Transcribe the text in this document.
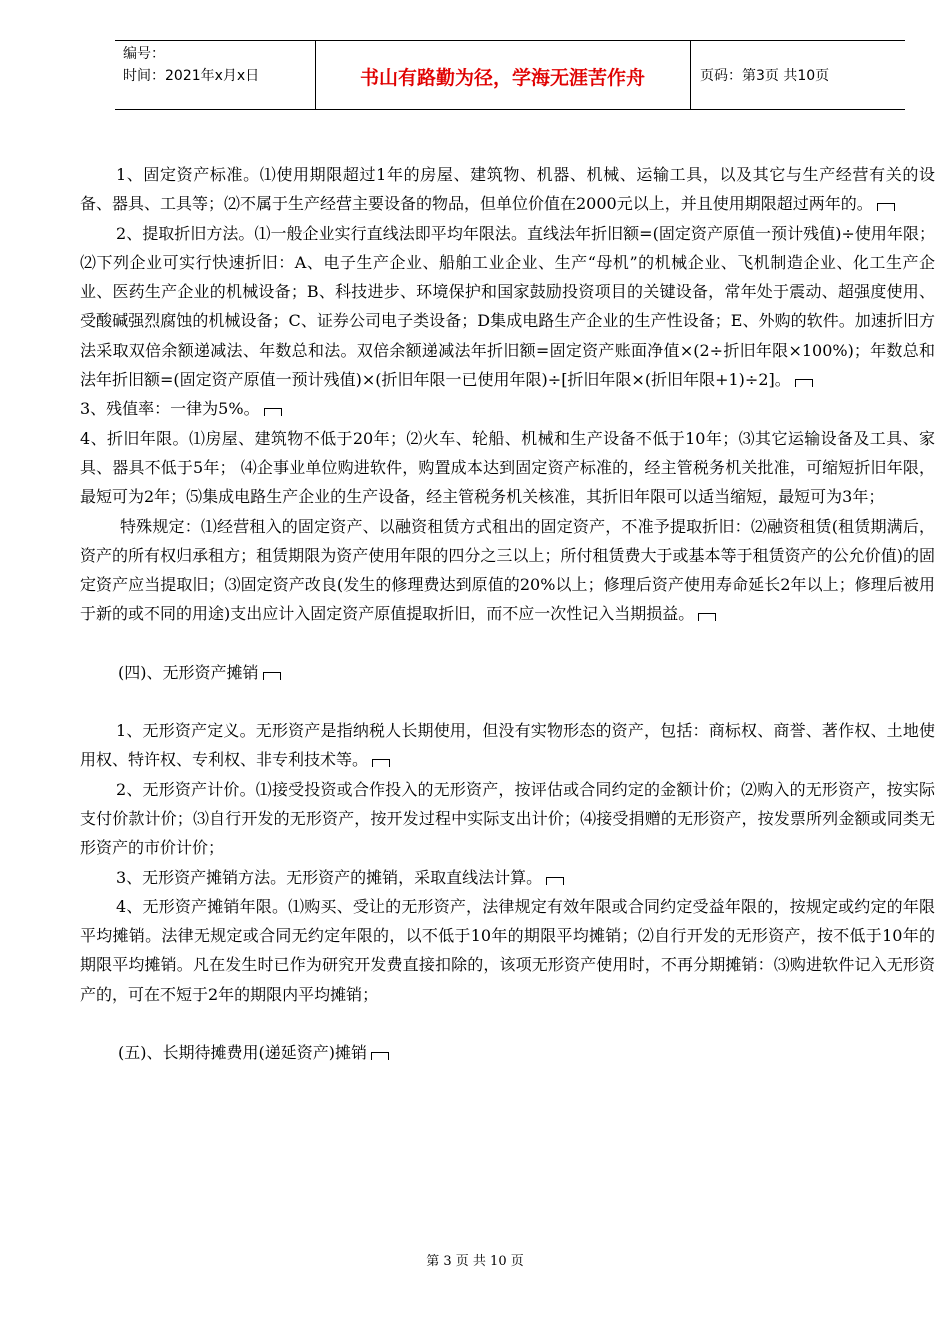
编号：
时间：2021年x月x日	书山有路勤为径，学海无涯苦作舟	页码：第3页 共10页

1、固定资产标准。⑴使用期限超过1年的房屋、建筑物、机器、机械、运输工具，以及其它与生产经营有关的设备、器具、工具等；⑵不属于生产经营主要设备的物品，但单位价值在2000元以上，并且使用期限超过两年的。

2、提取折旧方法。⑴一般企业实行直线法即平均年限法。直线法年折旧额=(固定资产原值一预计残值)÷使用年限；⑵下列企业可实行快速折旧：A、电子生产企业、船舶工业企业、生产“母机”的机械企业、飞机制造企业、化工生产企业、医药生产企业的机械设备；B、科技进步、环境保护和国家鼓励投资项目的关键设备，常年处于震动、超强度使用、受酸碱强烈腐蚀的机械设备；C、证券公司电子类设备；D集成电路生产企业的生产性设备；E、外购的软件。加速折旧方法采取双倍余额递减法、年数总和法。双倍余额递减法年折旧额=固定资产账面净值×(2÷折旧年限×100%)；年数总和法年折旧额=(固定资产原值一预计残值)×(折旧年限一已使用年限)÷[折旧年限×(折旧年限+1)÷2]。

3、残值率：一律为5%。

4、折旧年限。⑴房屋、建筑物不低于20年；⑵火车、轮船、机械和生产设备不低于10年；⑶其它运输设备及工具、家具、器具不低于5年； ⑷企事业单位购进软件，购置成本达到固定资产标准的，经主管税务机关批准，可缩短折旧年限，最短可为2年；⑸集成电路生产企业的生产设备，经主管税务机关核准，其折旧年限可以适当缩短，最短可为3年；

特殊规定：⑴经营租入的固定资产、以融资租赁方式租出的固定资产，不准予提取折旧：⑵融资租赁(租赁期满后，资产的所有权归承租方；租赁期限为资产使用年限的四分之三以上；所付租赁费大于或基本等于租赁资产的公允价值)的固定资产应当提取旧；⑶固定资产改良(发生的修理费达到原值的20%以上；修理后资产使用寿命延长2年以上；修理后被用于新的或不同的用途)支出应计入固定资产原值提取折旧，而不应一次性记入当期损益。

(四)、无形资产摊销

1、无形资产定义。无形资产是指纳税人长期使用，但没有实物形态的资产，包括：商标权、商誉、著作权、土地使用权、特许权、专利权、非专利技术等。

2、无形资产计价。⑴接受投资或合作投入的无形资产，按评估或合同约定的金额计价；⑵购入的无形资产，按实际支付价款计价；⑶自行开发的无形资产，按开发过程中实际支出计价；⑷接受捐赠的无形资产，按发票所列金额或同类无形资产的市价计价；

3、无形资产摊销方法。无形资产的摊销，采取直线法计算。

4、无形资产摊销年限。⑴购买、受让的无形资产，法律规定有效年限或合同约定受益年限的，按规定或约定的年限平均摊销。法律无规定或合同无约定年限的，以不低于10年的期限平均摊销；⑵自行开发的无形资产，按不低于10年的期限平均摊销。凡在发生时已作为研究开发费直接扣除的，该项无形资产使用时，不再分期摊销：⑶购进软件记入无形资产的，可在不短于2年的期限内平均摊销；

(五)、长期待摊费用(递延资产)摊销

第 3 页 共 10 页
